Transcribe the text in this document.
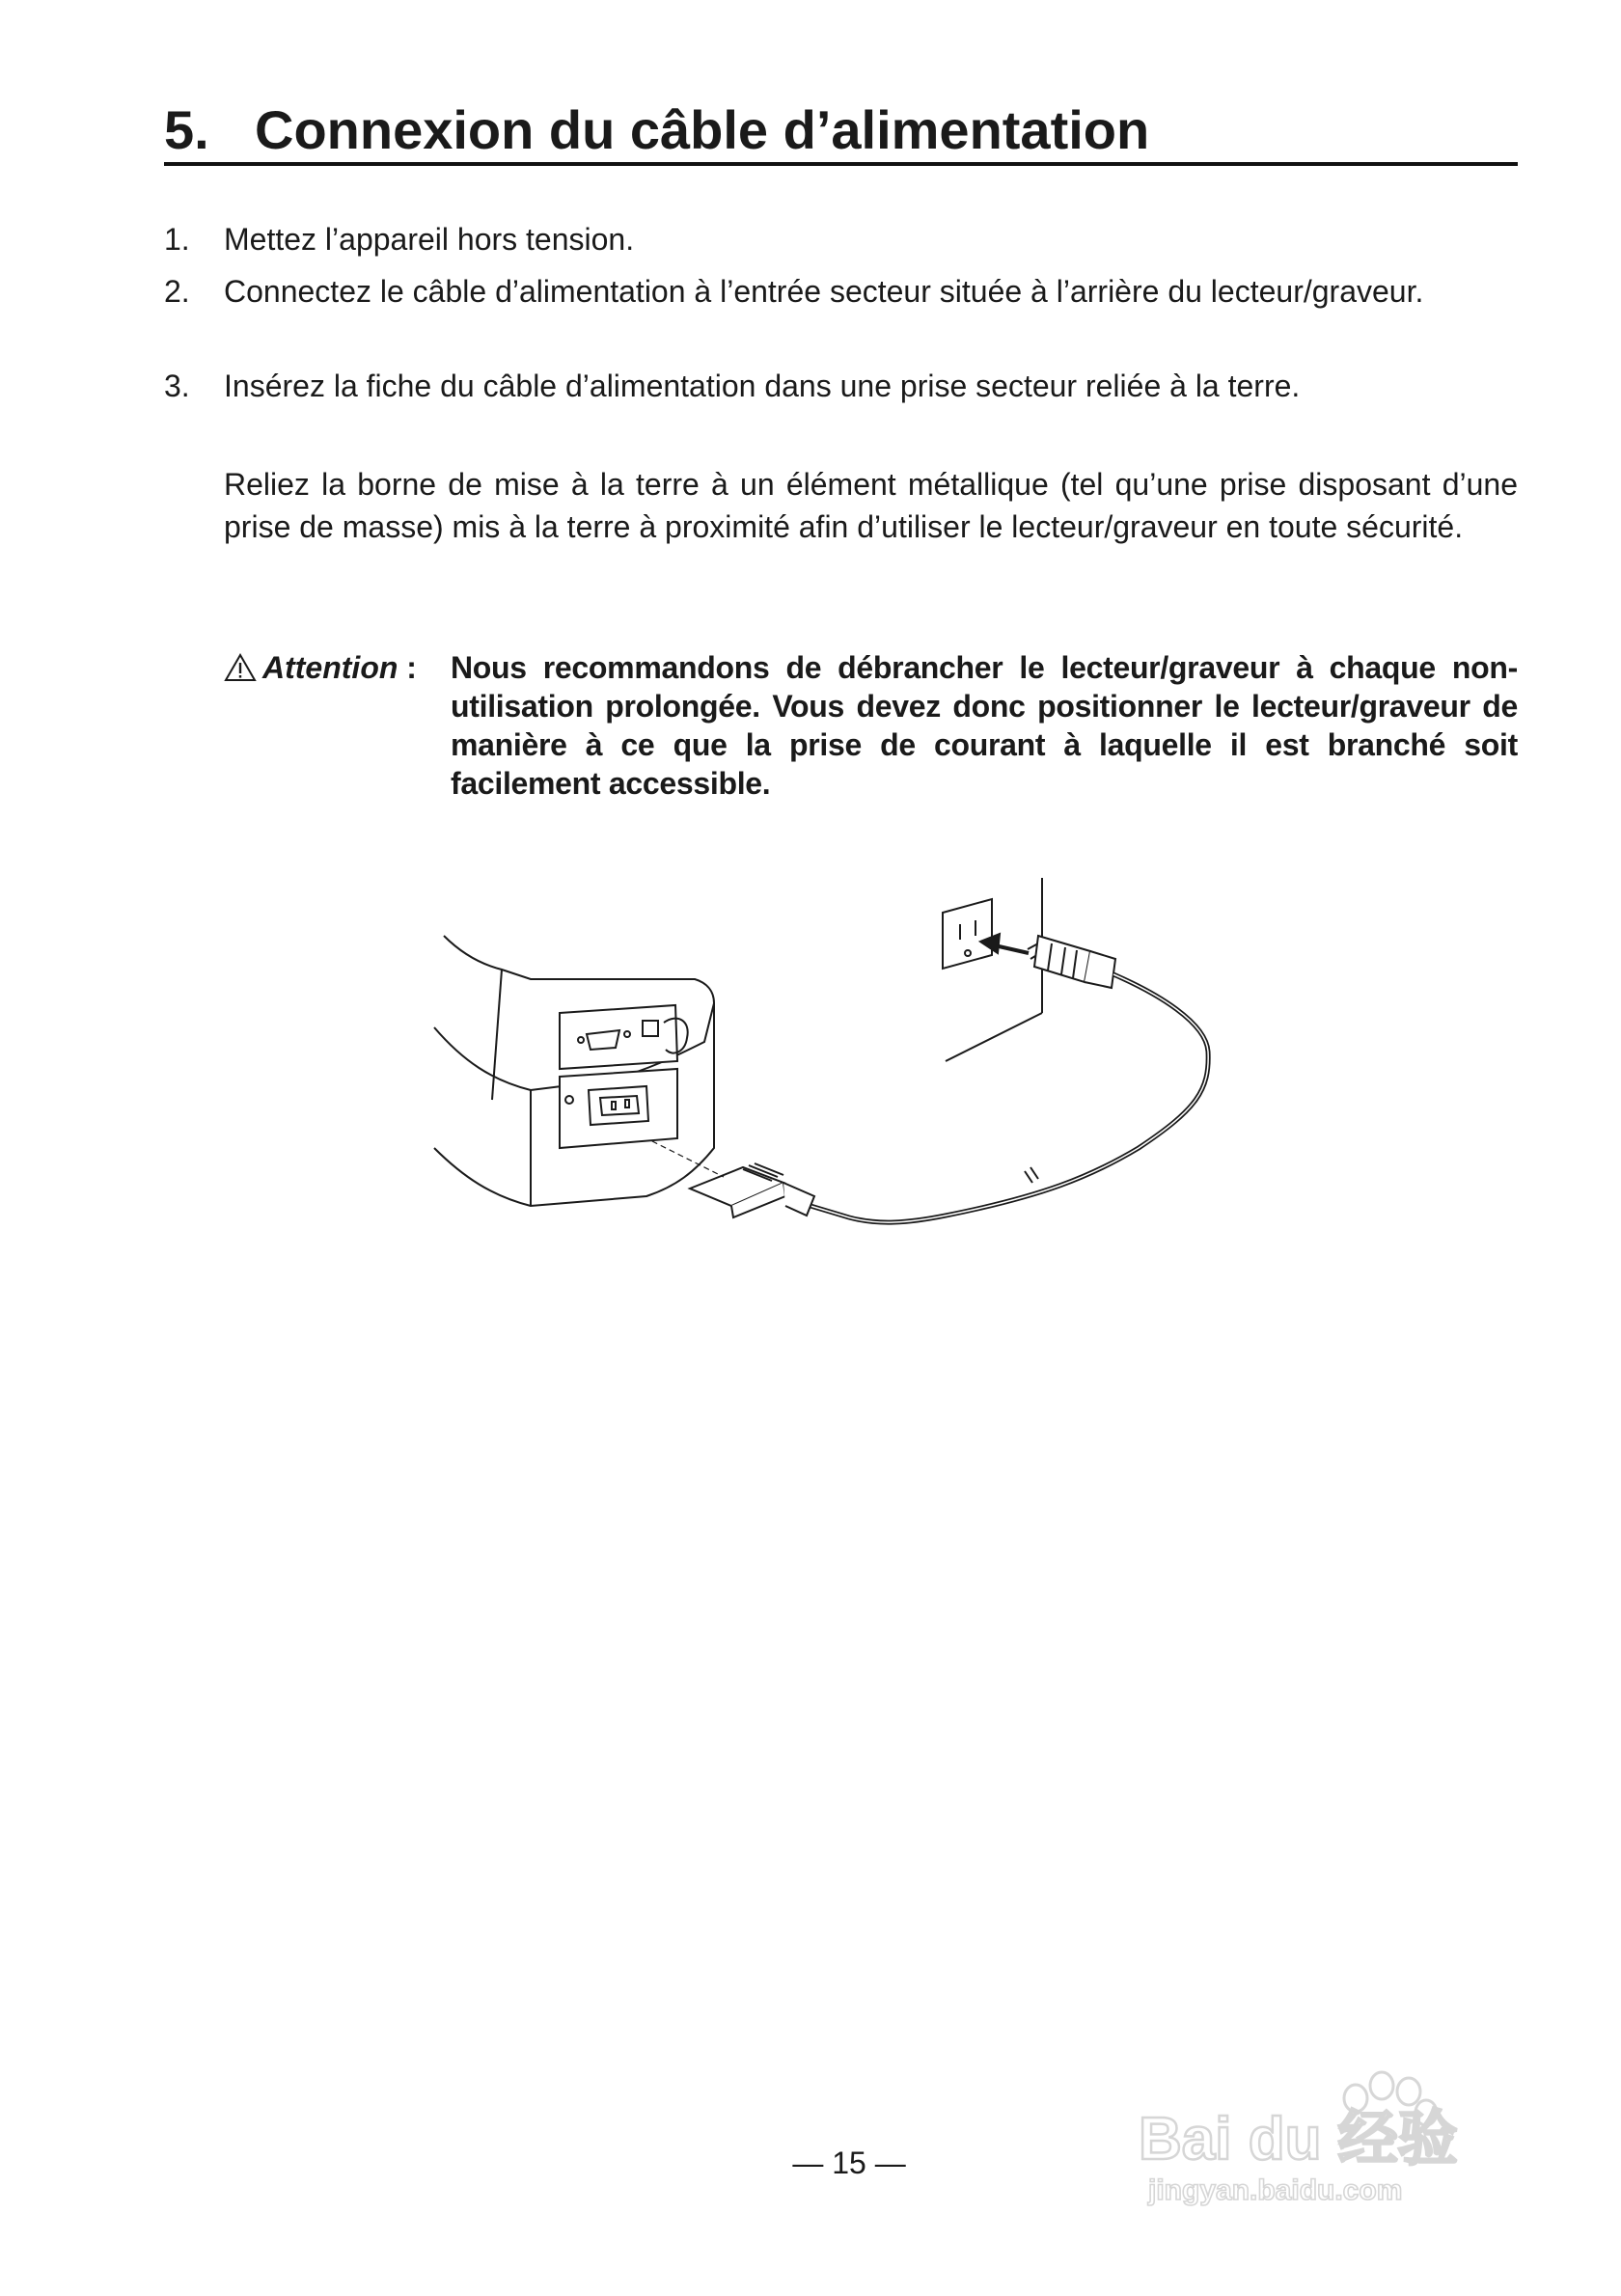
5. Connexion du câble d’alimentation
1. Mettez l’appareil hors tension.
2. Connectez le câble d’alimentation à l’entrée secteur située à l’arrière du lecteur/graveur.
3. Insérez la fiche du câble d’alimentation dans une prise secteur reliée à la terre.
Reliez la borne de mise à la terre à un élément métallique (tel qu’une prise disposant d’une prise de masse) mis à la terre à proximité afin d’utiliser le lecteur/graveur en toute sécurité.
Attention : Nous recommandons de débrancher le lecteur/graveur à chaque non-utilisation prolongée. Vous devez donc positionner le lecteur/graveur de manière à ce que la prise de courant à laquelle il est branché soit facilement accessible.
— 15 —	Bai du 经验
jingyan.baidu.com
